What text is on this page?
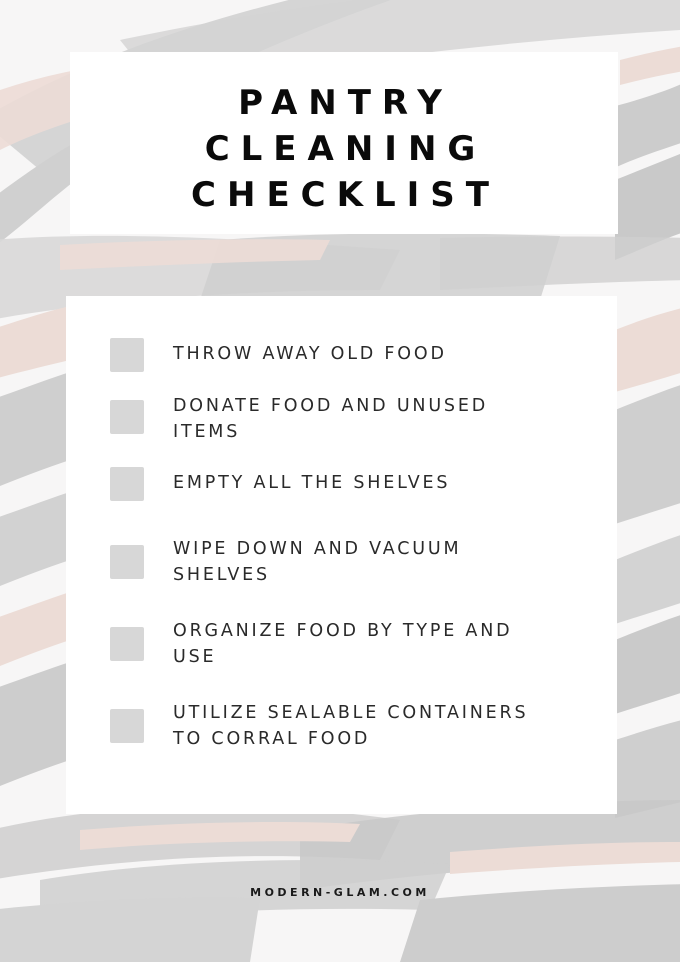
PANTRY
CLEANING
CHECKLIST
THROW AWAY OLD FOOD
DONATE FOOD AND UNUSED ITEMS
EMPTY ALL THE SHELVES
WIPE DOWN AND VACUUM SHELVES
ORGANIZE FOOD BY TYPE AND USE
UTILIZE SEALABLE CONTAINERS TO CORRAL FOOD
MODERN-GLAM.COM
